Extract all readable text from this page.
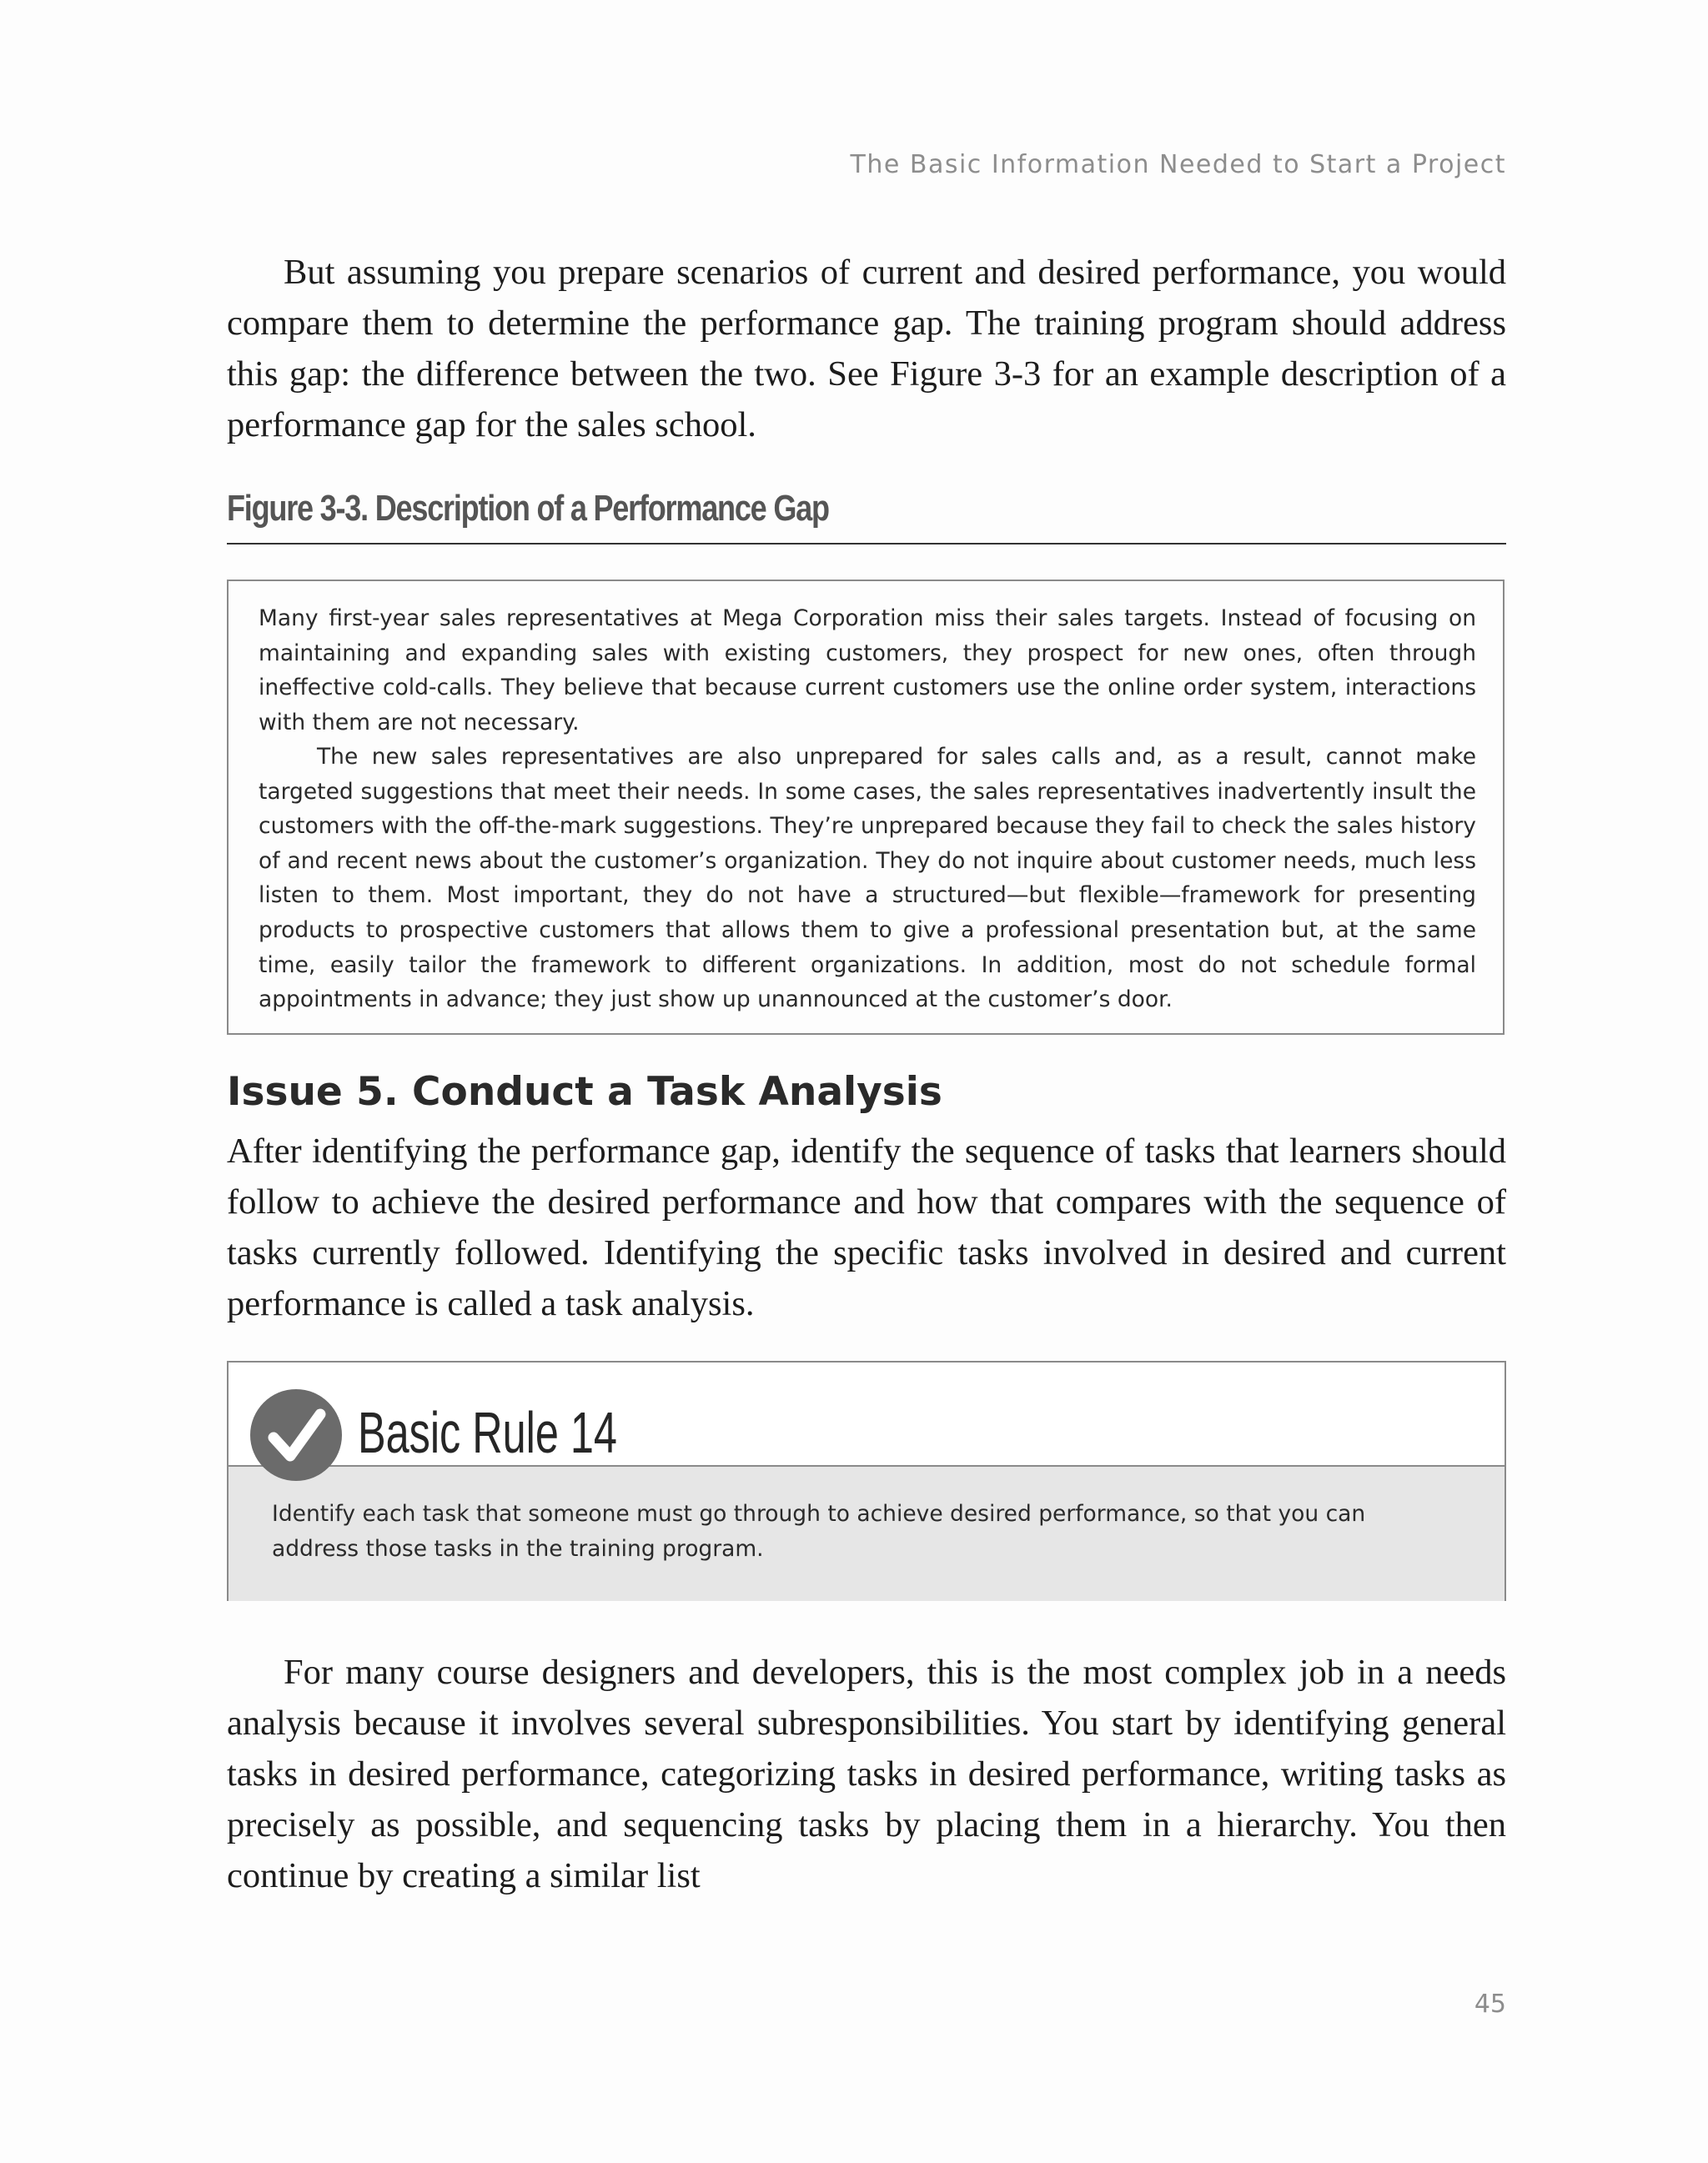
The Basic Information Needed to Start a Project

But assuming you prepare scenarios of current and desired performance, you would compare them to determine the performance gap. The training program should address this gap: the difference between the two. See Figure 3-3 for an example description of a performance gap for the sales school.

Figure 3-3. Description of a Performance Gap

Many first-year sales representatives at Mega Corporation miss their sales targets. Instead of focusing on maintaining and expanding sales with existing customers, they prospect for new ones, often through ineffective cold-calls. They believe that because current customers use the online order system, interactions with them are not necessary.

The new sales representatives are also unprepared for sales calls and, as a result, cannot make targeted suggestions that meet their needs. In some cases, the sales representatives inadvertently insult the customers with the off-the-mark suggestions. They’re unprepared because they fail to check the sales history of and recent news about the customer’s organization. They do not inquire about customer needs, much less listen to them. Most important, they do not have a structured—but flexible—framework for presenting products to prospective customers that allows them to give a professional presentation but, at the same time, easily tailor the framework to different organizations. In addition, most do not schedule formal appointments in advance; they just show up unannounced at the customer’s door.

Issue 5. Conduct a Task Analysis

After identifying the performance gap, identify the sequence of tasks that learners should follow to achieve the desired performance and how that compares with the sequence of tasks currently followed. Identifying the specific tasks involved in desired and current performance is called a task analysis.

Identify each task that someone must go through to achieve desired performance, so that you can address those tasks in the training program.

Basic Rule 14

For many course designers and developers, this is the most complex job in a needs analysis because it involves several subresponsibilities. You start by identifying general tasks in desired performance, categorizing tasks in desired performance, writing tasks as precisely as possible, and sequencing tasks by placing them in a hierarchy. You then continue by creating a similar list

45
